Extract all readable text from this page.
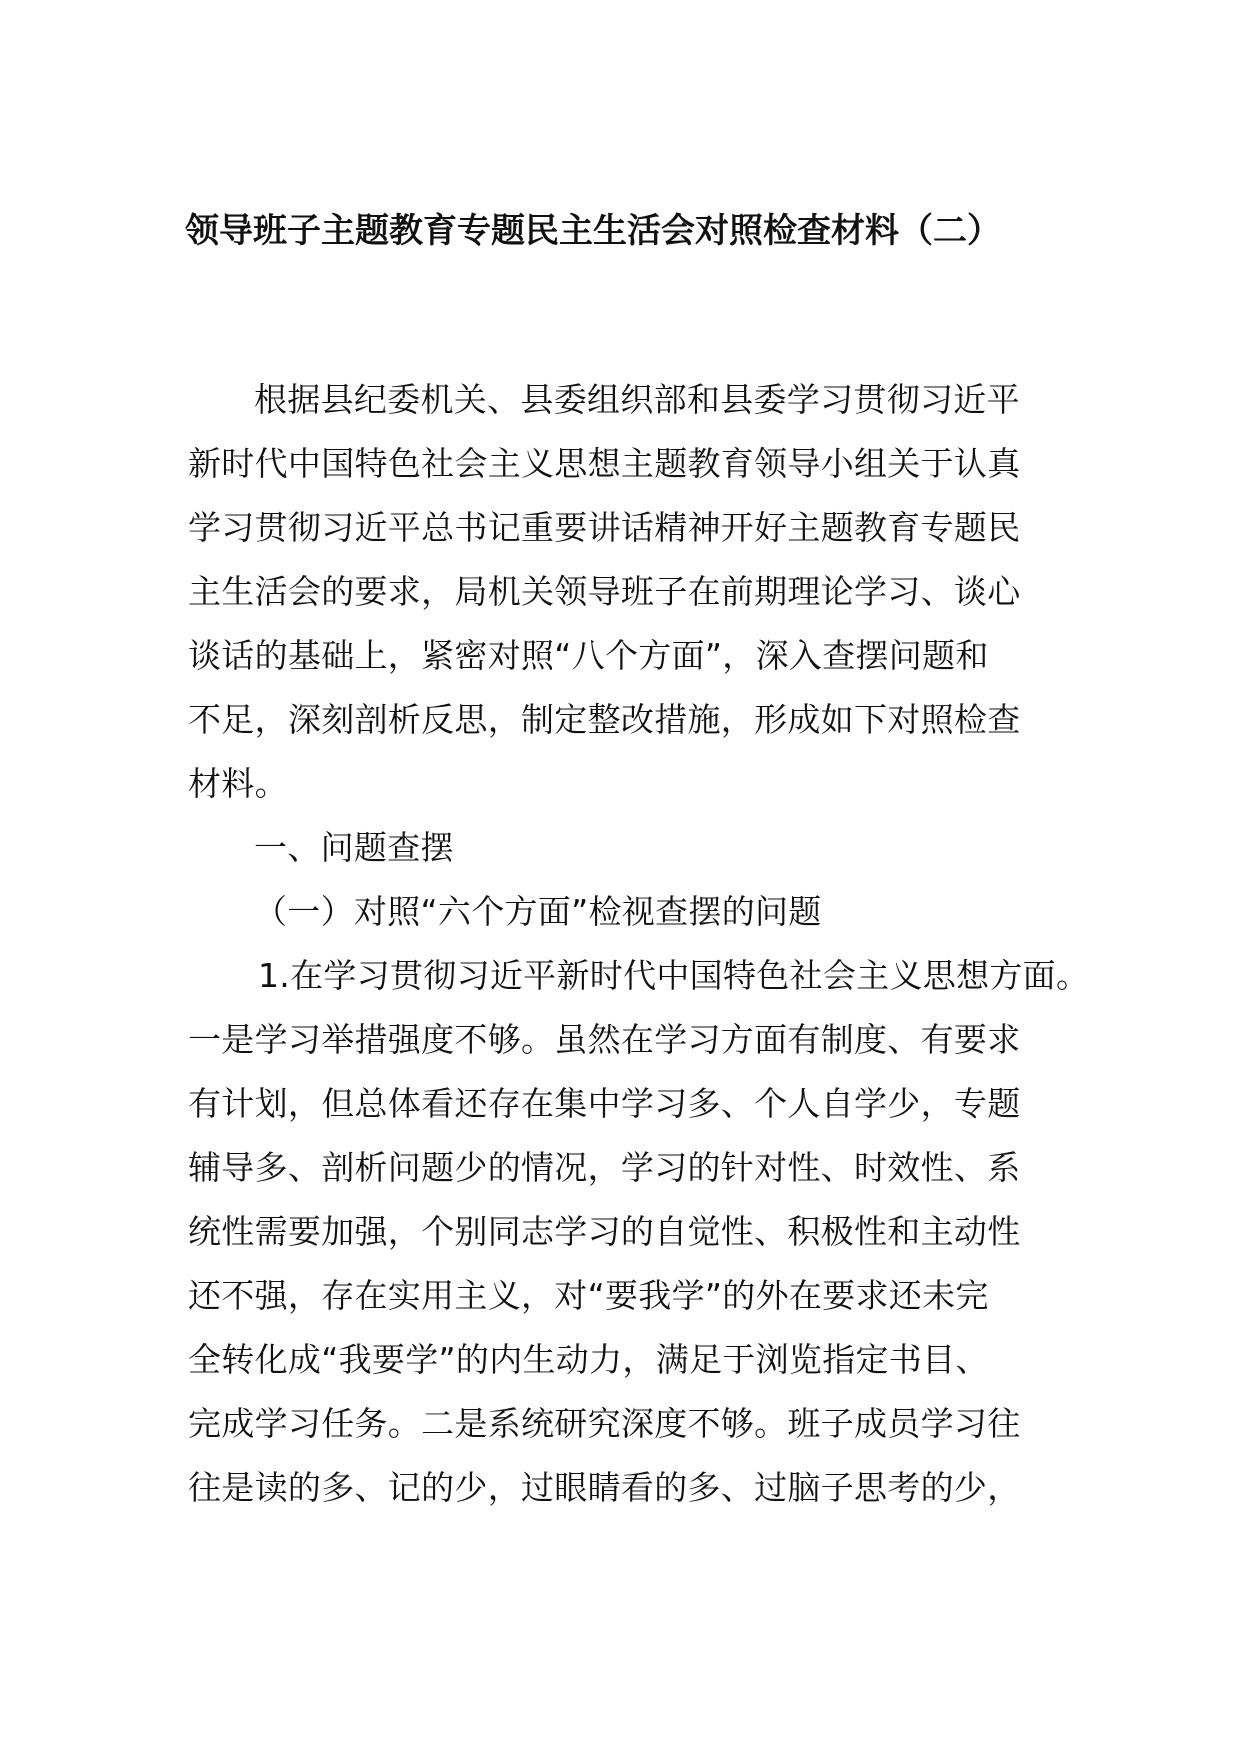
领导班子主题教育专题民主生活会对照检查材料（二）
根据县纪委机关、县委组织部和县委学习贯彻习近平
新时代中国特色社会主义思想主题教育领导小组关于认真
学习贯彻习近平总书记重要讲话精神开好主题教育专题民
主生活会的要求，局机关领导班子在前期理论学习、谈心
谈话的基础上，紧密对照“八个方面”，深入查摆问题和
不足，深刻剖析反思，制定整改措施，形成如下对照检查
材料。
一、问题查摆
（一）对照“六个方面”检视查摆的问题
1.在学习贯彻习近平新时代中国特色社会主义思想方面。
一是学习举措强度不够。虽然在学习方面有制度、有要求
有计划，但总体看还存在集中学习多、个人自学少，专题
辅导多、剖析问题少的情况，学习的针对性、时效性、系
统性需要加强，个别同志学习的自觉性、积极性和主动性
还不强，存在实用主义，对“要我学”的外在要求还未完
全转化成“我要学”的内生动力，满足于浏览指定书目、
完成学习任务。二是系统研究深度不够。班子成员学习往
往是读的多、记的少，过眼睛看的多、过脑子思考的少，
